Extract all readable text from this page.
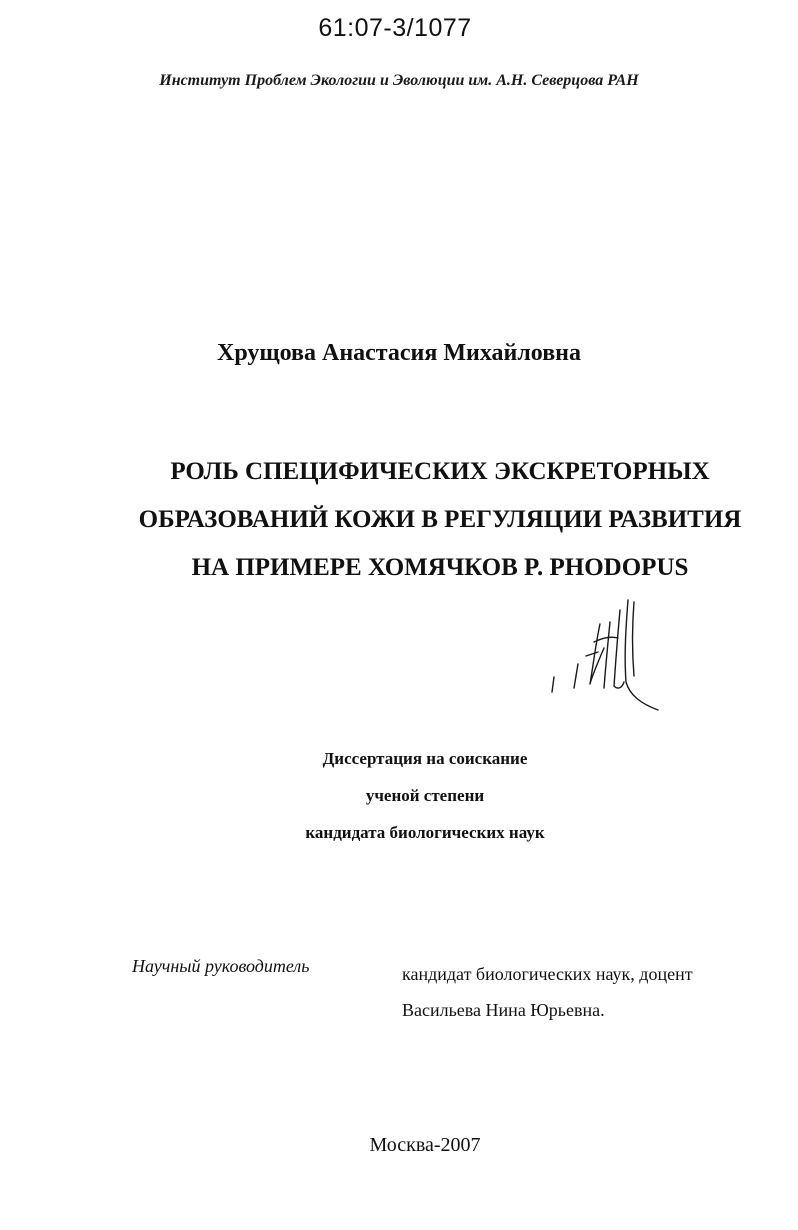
61:07-3/1077
Институт Проблем Экологии и Эволюции им. А.Н. Северцова РАН
Хрущова Анастасия Михайловна
РОЛЬ СПЕЦИФИЧЕСКИХ ЭКСКРЕТОРНЫХ
ОБРАЗОВАНИЙ КОЖИ В РЕГУЛЯЦИИ РАЗВИТИЯ
НА ПРИМЕРЕ ХОМЯЧКОВ P. PHODOPUS
Диссертация на соискание
ученой степени
кандидата биологических наук
Научный руководитель	кандидат биологических наук, доцент
Васильева Нина Юрьевна.
Москва-2007
